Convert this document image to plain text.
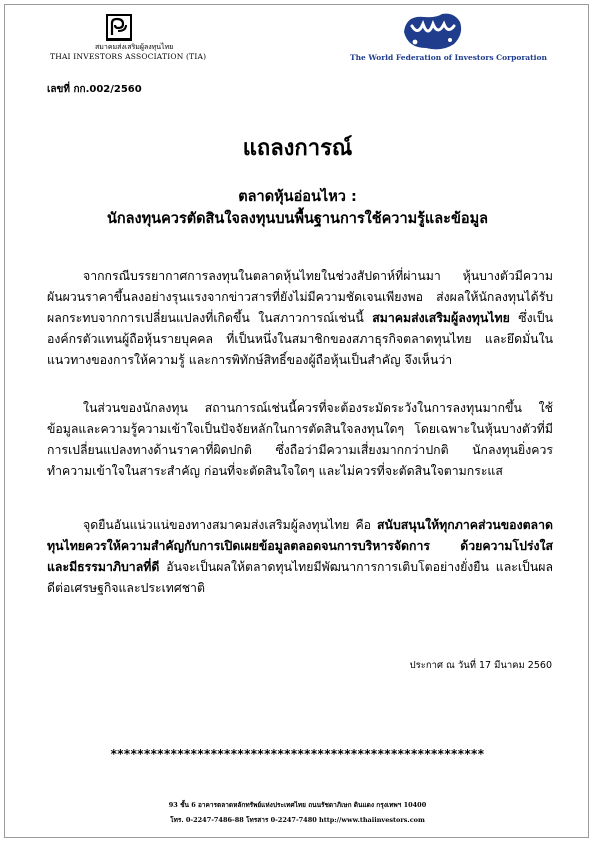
สมาคมส่งเสริมผู้ลงทุนไทย
THAI INVESTORS ASSOCIATION (TIA)	The World Federation of Investors Corporation
เลขที่ กก.002/2560
แถลงการณ์
ตลาดหุ้นอ่อนไหว :
นักลงทุนควรตัดสินใจลงทุนบนพื้นฐานการใช้ความรู้และข้อมูล
จากกรณีบรรยากาศการลงทุนในตลาดหุ้นไทยในช่วงสัปดาห์ที่ผ่านมา หุ้นบางตัวมีความผันผวนราคาขึ้นลงอย่างรุนแรงจากข่าวสารที่ยังไม่มีความชัดเจนเพียงพอ ส่งผลให้นักลงทุนได้รับผลกระทบจากการเปลี่ยนแปลงที่เกิดขึ้น ในสภาวการณ์เช่นนี้ สมาคมส่งเสริมผู้ลงทุนไทย ซึ่งเป็นองค์กรตัวแทนผู้ถือหุ้นรายบุคคล ที่เป็นหนึ่งในสมาชิกของสภาธุรกิจตลาดทุนไทย และยึดมั่นในแนวทางของการให้ความรู้ และการพิทักษ์สิทธิ์ของผู้ถือหุ้นเป็นสำคัญ จึงเห็นว่า
ในส่วนของนักลงทุน สถานการณ์เช่นนี้ควรที่จะต้องระมัดระวังในการลงทุนมากขึ้น ใช้ข้อมูลและความรู้ความเข้าใจเป็นปัจจัยหลักในการตัดสินใจลงทุนใดๆ โดยเฉพาะในหุ้นบางตัวที่มีการเปลี่ยนแปลงทางด้านราคาที่ผิดปกติ ซึ่งถือว่ามีความเสี่ยงมากกว่าปกติ นักลงทุนยิ่งควรทำความเข้าใจในสาระสำคัญ ก่อนที่จะตัดสินใจใดๆ และไม่ควรที่จะตัดสินใจตามกระแส
จุดยืนอันแน่วแน่ของทางสมาคมส่งเสริมผู้ลงทุนไทย คือ สนับสนุนให้ทุกภาคส่วนของตลาดทุนไทยควรให้ความสำคัญกับการเปิดเผยข้อมูลตลอดจนการบริหารจัดการ ด้วยความโปร่งใส และมีธรรมาภิบาลที่ดี อันจะเป็นผลให้ตลาดทุนไทยมีพัฒนาการการเติบโตอย่างยั่งยืน และเป็นผลดีต่อเศรษฐกิจและประเทศชาติ
ประกาศ ณ วันที่ 17 มีนาคม 2560
********************************************************
93 ชั้น 6 อาคารตลาดหลักทรัพย์แห่งประเทศไทย ถนนรัชดาภิเษก ดินแดง กรุงเทพฯ 10400
โทร. 0-2247-7486-88 โทรสาร 0-2247-7480 http://www.thaiinvestors.com
